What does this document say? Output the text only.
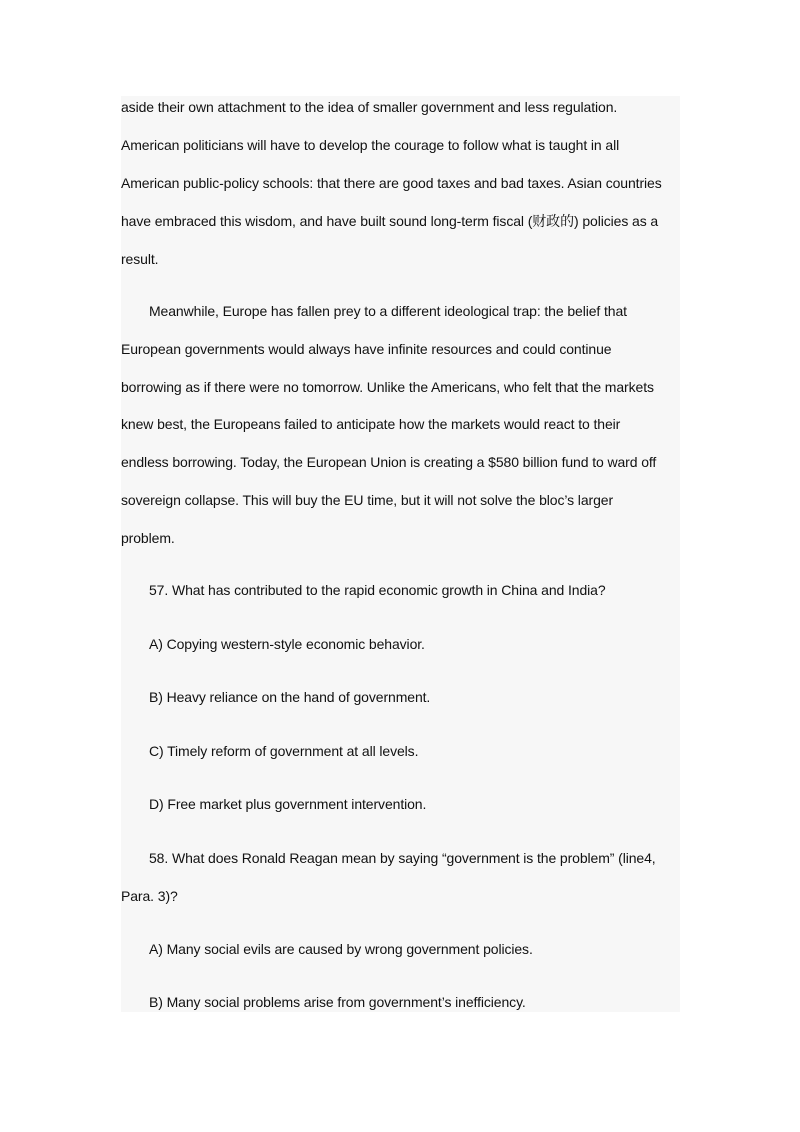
aside their own attachment to the idea of smaller government and less regulation.
American politicians will have to develop the courage to follow what is taught in all
American public-policy schools: that there are good taxes and bad taxes. Asian countries
have embraced this wisdom, and have built sound long-term fiscal (财政的) policies as a
result.
Meanwhile, Europe has fallen prey to a different ideological trap: the belief that
European governments would always have infinite resources and could continue
borrowing as if there were no tomorrow. Unlike the Americans, who felt that the markets
knew best, the Europeans failed to anticipate how the markets would react to their
endless borrowing. Today, the European Union is creating a $580 billion fund to ward off
sovereign collapse. This will buy the EU time, but it will not solve the bloc’s larger
problem.
57. What has contributed to the rapid economic growth in China and India?
A) Copying western-style economic behavior.
B) Heavy reliance on the hand of government.
C) Timely reform of government at all levels.
D) Free market plus government intervention.
58. What does Ronald Reagan mean by saying “government is the problem” (line4,
Para. 3)?
A) Many social evils are caused by wrong government policies.
B) Many social problems arise from government’s inefficiency.
